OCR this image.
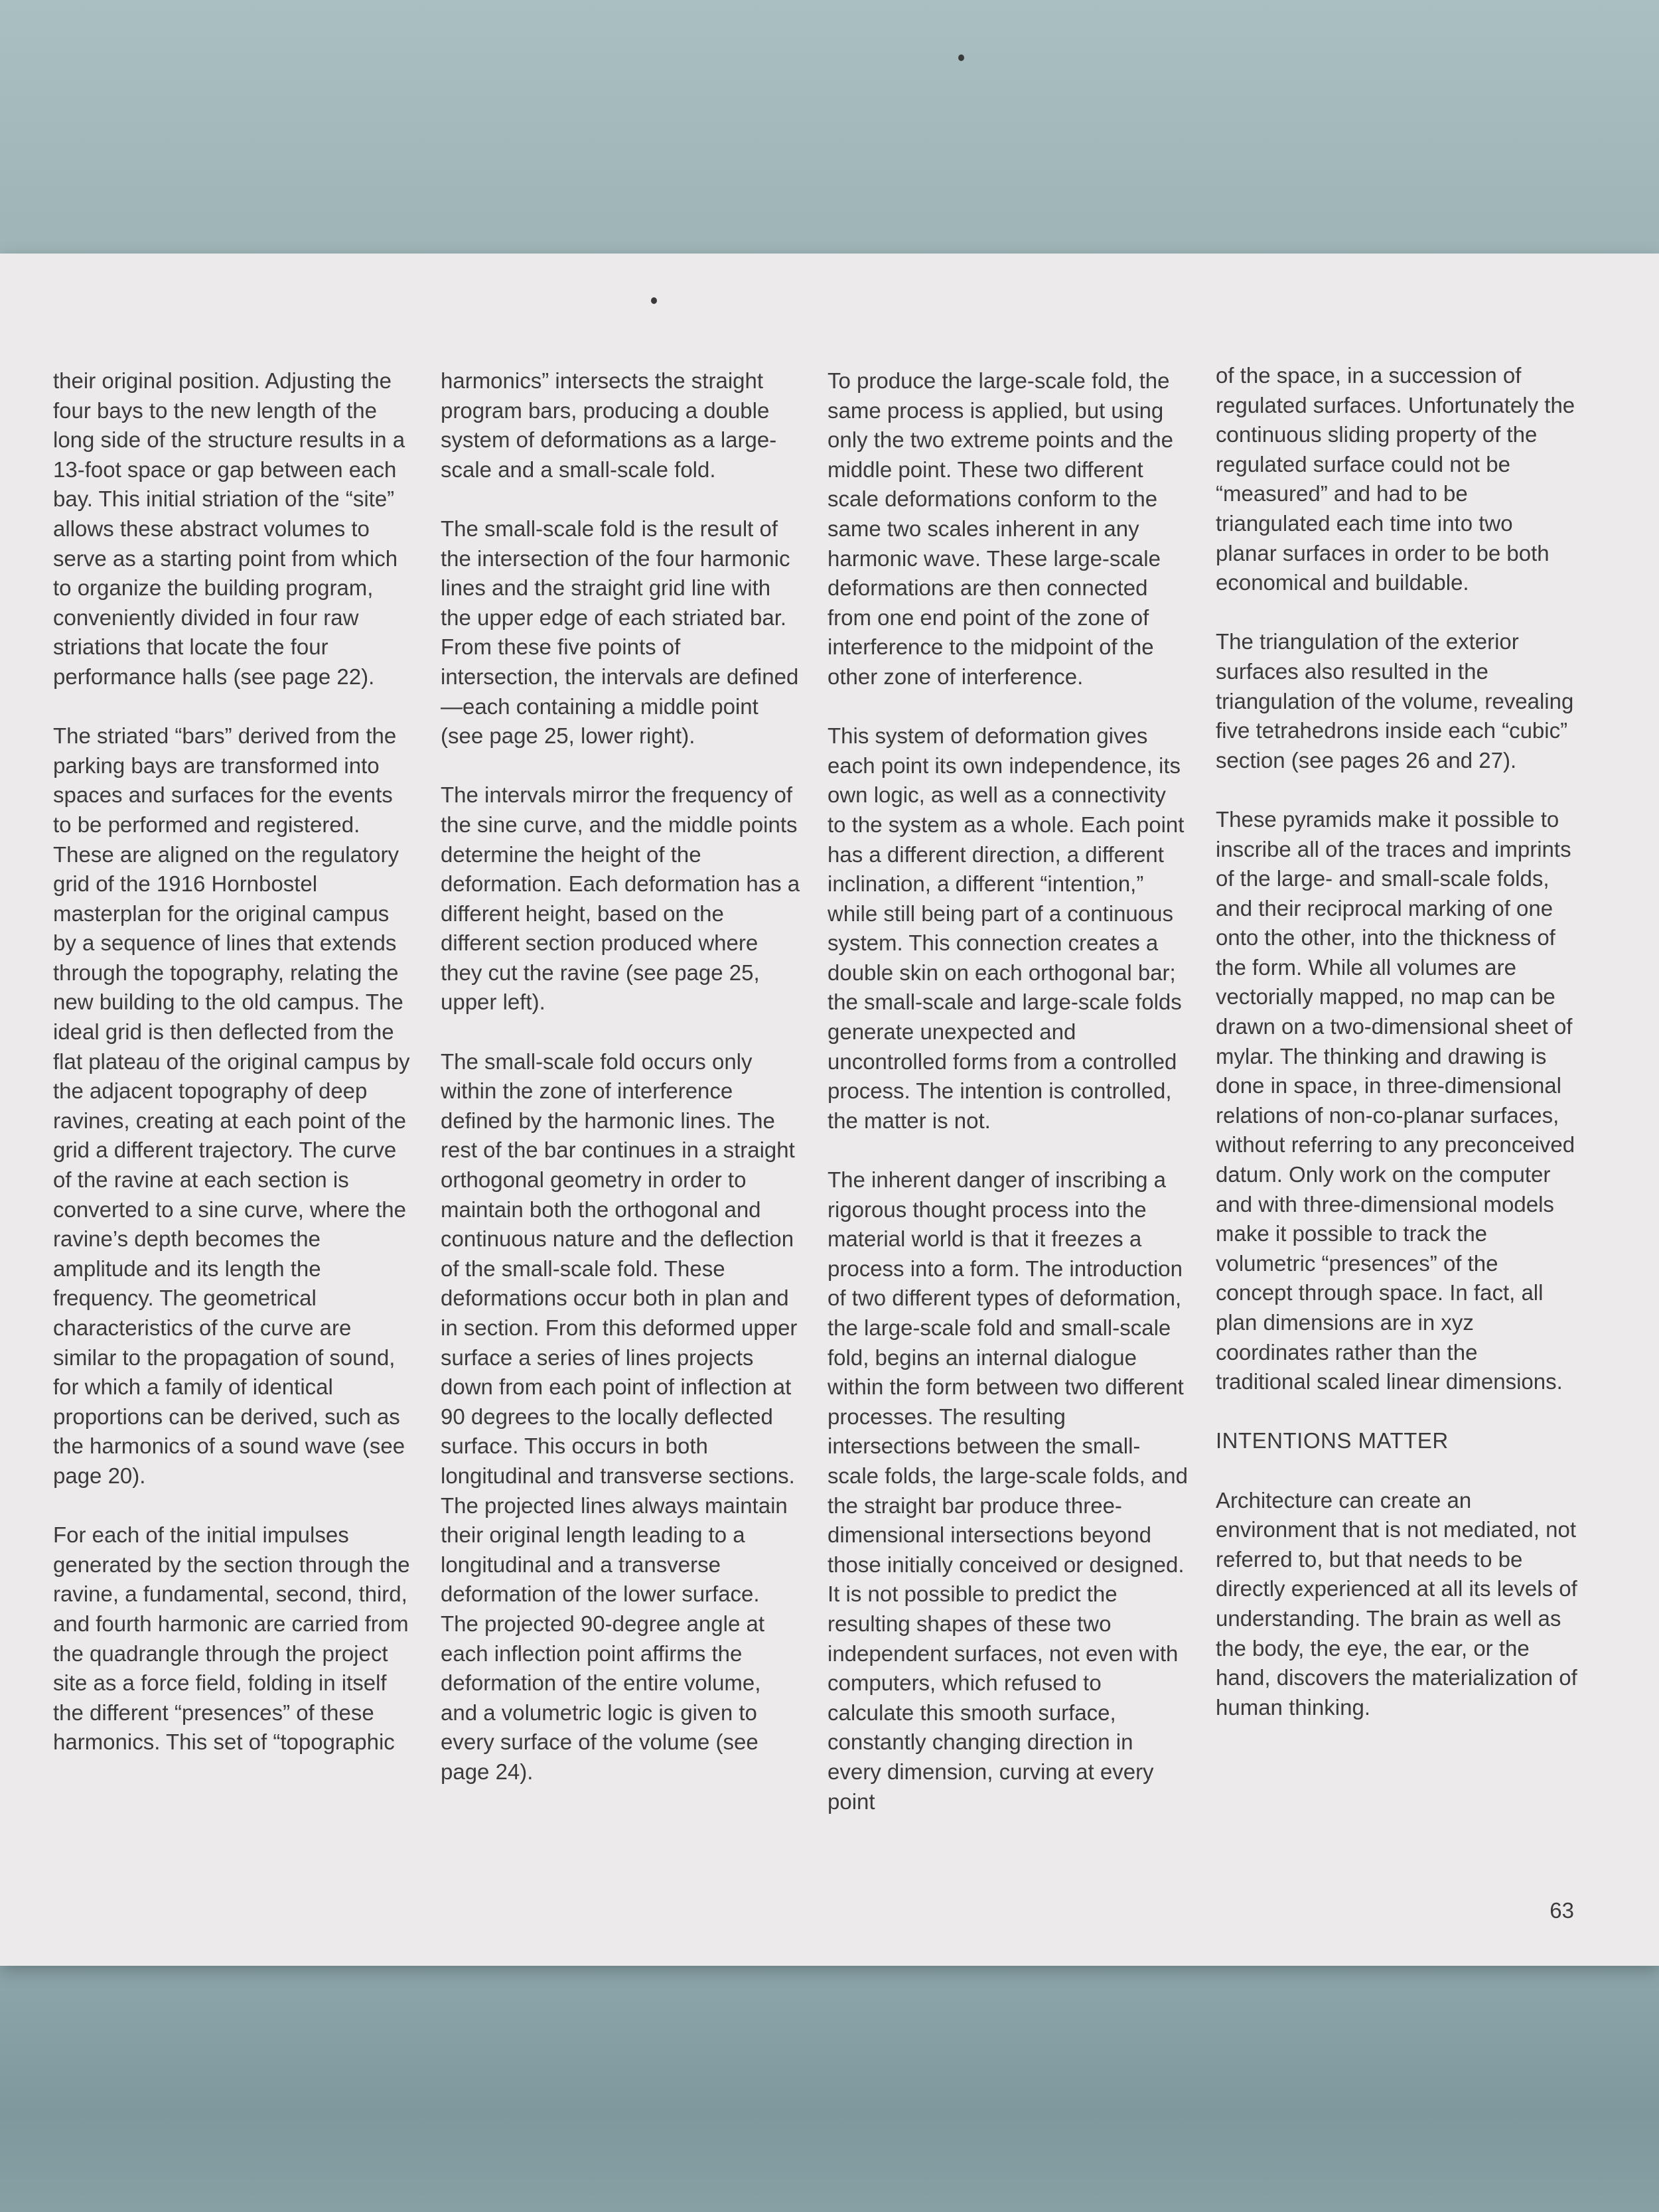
their original position. Adjusting the four bays to the new length of the long side of the structure results in a 13-foot space or gap between each bay. This initial striation of the “site” allows these abstract volumes to serve as a starting point from which to organize the building program, conveniently divided in four raw striations that locate the four performance halls (see page 22).

The striated “bars” derived from the parking bays are transformed into spaces and surfaces for the events to be performed and registered. These are aligned on the regulatory grid of the 1916 Hornbostel masterplan for the original campus by a sequence of lines that extends through the topography, relating the new building to the old campus. The ideal grid is then deflected from the flat plateau of the original campus by the adjacent topography of deep ravines, creating at each point of the grid a different trajectory. The curve of the ravine at each section is converted to a sine curve, where the ravine’s depth becomes the amplitude and its length the frequency. The geometrical characteristics of the curve are similar to the propagation of sound, for which a family of identical proportions can be derived, such as the harmonics of a sound wave (see page 20).

For each of the initial impulses generated by the section through the ravine, a fundamental, second, third, and fourth harmonic are carried from the quadrangle through the project site as a force field, folding in itself the different “presences” of these harmonics. This set of “topographic

harmonics” intersects the straight program bars, producing a double system of deformations as a large-scale and a small-scale fold.

The small-scale fold is the result of the intersection of the four harmonic lines and the straight grid line with the upper edge of each striated bar. From these five points of intersection, the intervals are defined—each containing a middle point (see page 25, lower right).

The intervals mirror the frequency of the sine curve, and the middle points determine the height of the deformation. Each deformation has a different height, based on the different section produced where they cut the ravine (see page 25, upper left).

The small-scale fold occurs only within the zone of interference defined by the harmonic lines. The rest of the bar continues in a straight orthogonal geometry in order to maintain both the orthogonal and continuous nature and the deflection of the small-scale fold. These deformations occur both in plan and in section. From this deformed upper surface a series of lines projects down from each point of inflection at 90 degrees to the locally deflected surface. This occurs in both longitudinal and transverse sections. The projected lines always maintain their original length leading to a longitudinal and a transverse deformation of the lower surface. The projected 90-degree angle at each inflection point affirms the deformation of the entire volume, and a volumetric logic is given to every surface of the volume (see page 24).

To produce the large-scale fold, the same process is applied, but using only the two extreme points and the middle point. These two different scale deformations conform to the same two scales inherent in any harmonic wave. These large-scale deformations are then connected from one end point of the zone of interference to the midpoint of the other zone of interference.

This system of deformation gives each point its own independence, its own logic, as well as a connectivity to the system as a whole. Each point has a different direction, a different inclination, a different “intention,” while still being part of a continuous system. This connection creates a double skin on each orthogonal bar; the small-scale and large-scale folds generate unexpected and uncontrolled forms from a controlled process. The intention is controlled, the matter is not.

The inherent danger of inscribing a rigorous thought process into the material world is that it freezes a process into a form. The introduction of two different types of deformation, the large-scale fold and small-scale fold, begins an internal dialogue within the form between two different processes. The resulting intersections between the small-scale folds, the large-scale folds, and the straight bar produce three-dimensional intersections beyond those initially conceived or designed. It is not possible to predict the resulting shapes of these two independent surfaces, not even with computers, which refused to calculate this smooth surface, constantly changing direction in every dimension, curving at every point

of the space, in a succession of regulated surfaces. Unfortunately the continuous sliding property of the regulated surface could not be “measured” and had to be triangulated each time into two planar surfaces in order to be both economical and buildable.

The triangulation of the exterior surfaces also resulted in the triangulation of the volume, revealing five tetrahedrons inside each “cubic” section (see pages 26 and 27).

These pyramids make it possible to inscribe all of the traces and imprints of the large- and small-scale folds, and their reciprocal marking of one onto the other, into the thickness of the form. While all volumes are vectorially mapped, no map can be drawn on a two-dimensional sheet of mylar. The thinking and drawing is done in space, in three-dimensional relations of non-co-planar surfaces, without referring to any preconceived datum. Only work on the computer and with three-dimensional models make it possible to track the volumetric “presences” of the concept through space. In fact, all plan dimensions are in xyz coordinates rather than the traditional scaled linear dimensions.

INTENTIONS MATTER

Architecture can create an environment that is not mediated, not referred to, but that needs to be directly experienced at all its levels of understanding. The brain as well as the body, the eye, the ear, or the hand, discovers the materialization of human thinking.

63
